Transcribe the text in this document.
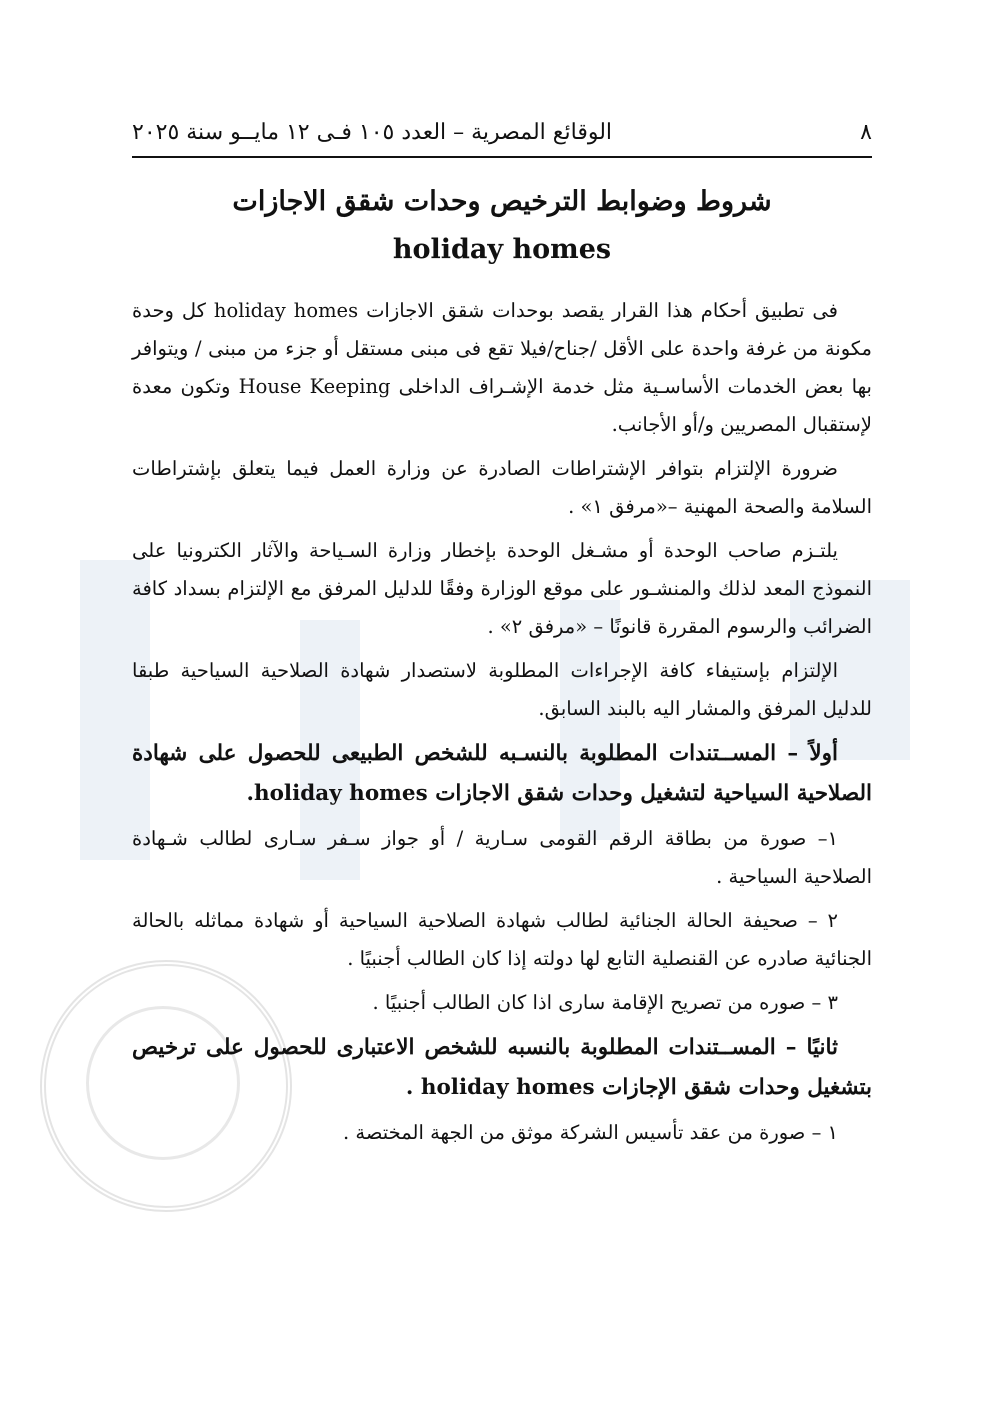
٨
الوقائع المصرية – العدد ١٠٥ فـى ١٢ مايــو سنة ٢٠٢٥
شروط وضوابط الترخيص وحدات شقق الاجازات
holiday homes

فى تطبيق أحكام هذا القرار يقصد بوحدات شقق الاجازات holiday homes كل وحدة مكونة من غرفة واحدة على الأقل /جناح/فيلا تقع فى مبنى مستقل أو جزء من مبنى / ويتوافر بها بعض الخدمات الأساسـية مثل خدمة الإشـراف الداخلى House Keeping وتكون معدة لإستقبال المصريين و/أو الأجانب.

ضرورة الإلتزام بتوافر الإشتراطات الصادرة عن وزارة العمل فيما يتعلق بإشتراطات السلامة والصحة المهنية –«مرفق ١» .

يلتـزم صاحب الوحدة أو مشـغل الوحدة بإخطار وزارة السـياحة والآثار الكترونيا على النموذج المعد لذلك والمنشـور على موقع الوزارة وفقًا للدليل المرفق مع الإلتزام بسداد كافة الضرائب والرسوم المقررة قانونًا – «مرفق ٢» .

الإلتزام بإستيفاء كافة الإجراءات المطلوبة لاستصدار شهادة الصلاحية السياحية طبقا للدليل المرفق والمشار اليه بالبند السابق.

أولاً – المســتندات المطلوبة بالنسـبه للشخص الطبيعى للحصول على شهادة الصلاحية السياحية لتشغيل وحدات شقق الاجازات holiday homes.

١– صورة من بطاقة الرقم القومى سـارية / أو جواز سـفر سـارى لطالب شـهادة الصلاحية السياحية .

٢ – صحيفة الحالة الجنائية لطالب شهادة الصلاحية السياحية أو شهادة مماثله بالحالة الجنائية صادره عن القنصلية التابع لها دولته إذا كان الطالب أجنبيًا .

٣ – صوره من تصريح الإقامة سارى اذا كان الطالب أجنبيًا .

ثانيًا – المســتندات المطلوبة بالنسبه للشخص الاعتبارى للحصول على ترخيص بتشغيل وحدات شقق الإجازات holiday homes .

١ – صورة من عقد تأسيس الشركة موثق من الجهة المختصة .
